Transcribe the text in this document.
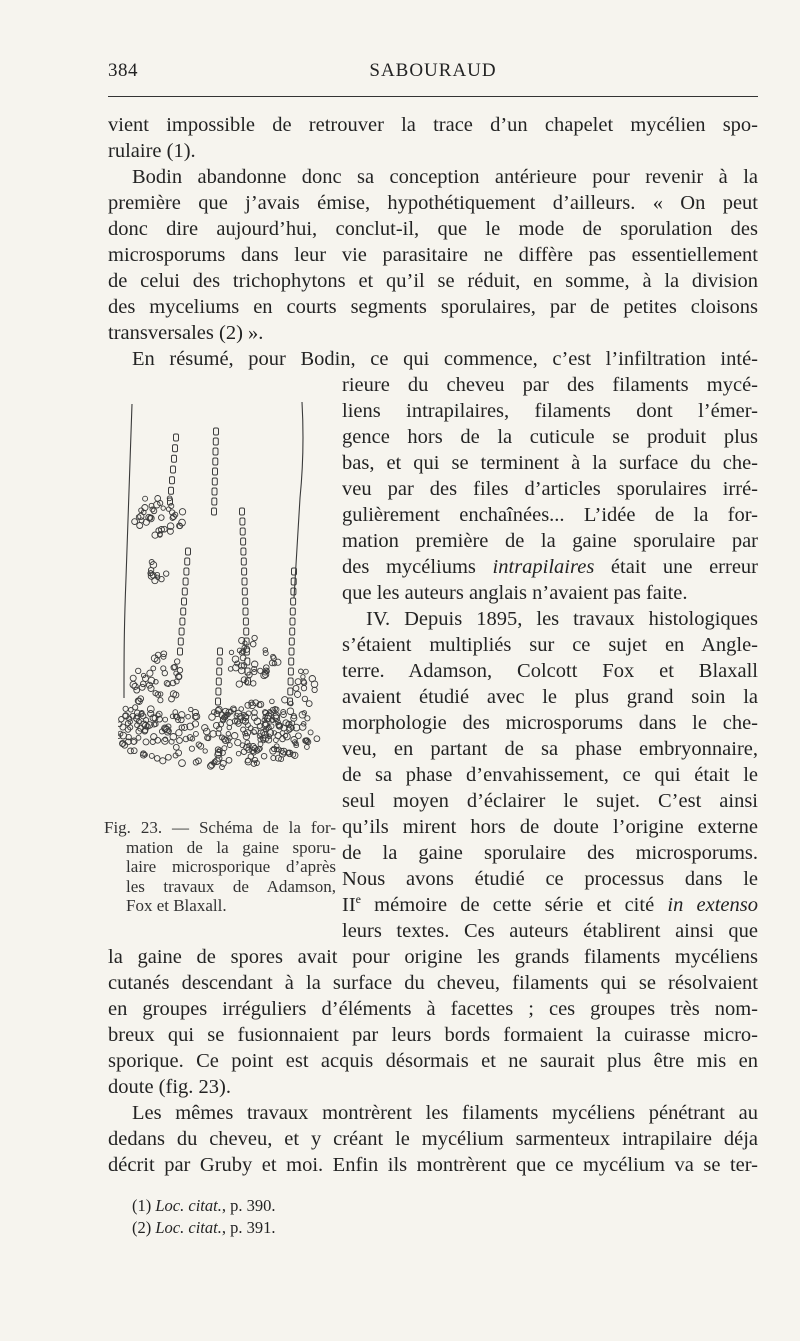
384	SABOURAUD
vient impossible de retrouver la trace d’un chapelet mycélien spo-
rulaire (1).
Bodin abandonne donc sa conception antérieure pour revenir à la
première que j’avais émise, hypothétiquement d’ailleurs. « On peut
donc dire aujourd’hui, conclut-il, que le mode de sporulation des
microsporums dans leur vie parasitaire ne diffère pas essentiellement
de celui des trichophytons et qu’il se réduit, en somme, à la division
des myceliums en courts segments sporulaires, par de petites cloisons
transversales (2) ».
En résumé, pour Bodin, ce qui commence, c’est l’infiltration inté-
rieure du cheveu par des filaments mycé-
liens intrapilaires, filaments dont l’émer-
gence hors de la cuticule se produit plus
bas, et qui se terminent à la surface du che-
veu par des files d’articles sporulaires irré-
gulièrement enchaînées... L’idée de la for-
mation première de la gaine sporulaire par
des mycéliums intrapilaires était une erreur
que les auteurs anglais n’avaient pas faite.
IV. Depuis 1895, les travaux histologiques
s’étaient multipliés sur ce sujet en Angle-
terre. Adamson, Colcott Fox et Blaxall
avaient étudié avec le plus grand soin la
morphologie des microsporums dans le che-
veu, en partant de sa phase embryonnaire,
de sa phase d’envahissement, ce qui était le
seul moyen d’éclairer le sujet. C’est ainsi
qu’ils mirent hors de doute l’origine externe
de la gaine sporulaire des microsporums.
Nous avons étudié ce processus dans le
IIe mémoire de cette série et cité in extenso
leurs textes. Ces auteurs établirent ainsi que
la gaine de spores avait pour origine les grands filaments mycéliens
cutanés descendant à la surface du cheveu, filaments qui se résolvaient
en groupes irréguliers d’éléments à facettes ; ces groupes très nom-
breux qui se fusionnaient par leurs bords formaient la cuirasse micro-
sporique. Ce point est acquis désormais et ne saurait plus être mis en
doute (fig. 23).
Les mêmes travaux montrèrent les filaments mycéliens pénétrant au
dedans du cheveu, et y créant le mycélium sarmenteux intrapilaire déja
décrit par Gruby et moi. Enfin ils montrèrent que ce mycélium va se ter-
Fig. 23. — Schéma de la for-
mation de la gaine sporu-
laire microsporique d’après
les travaux de Adamson,
Fox et Blaxall.
(1) Loc. citat., p. 390.
(2) Loc. citat., p. 391.
